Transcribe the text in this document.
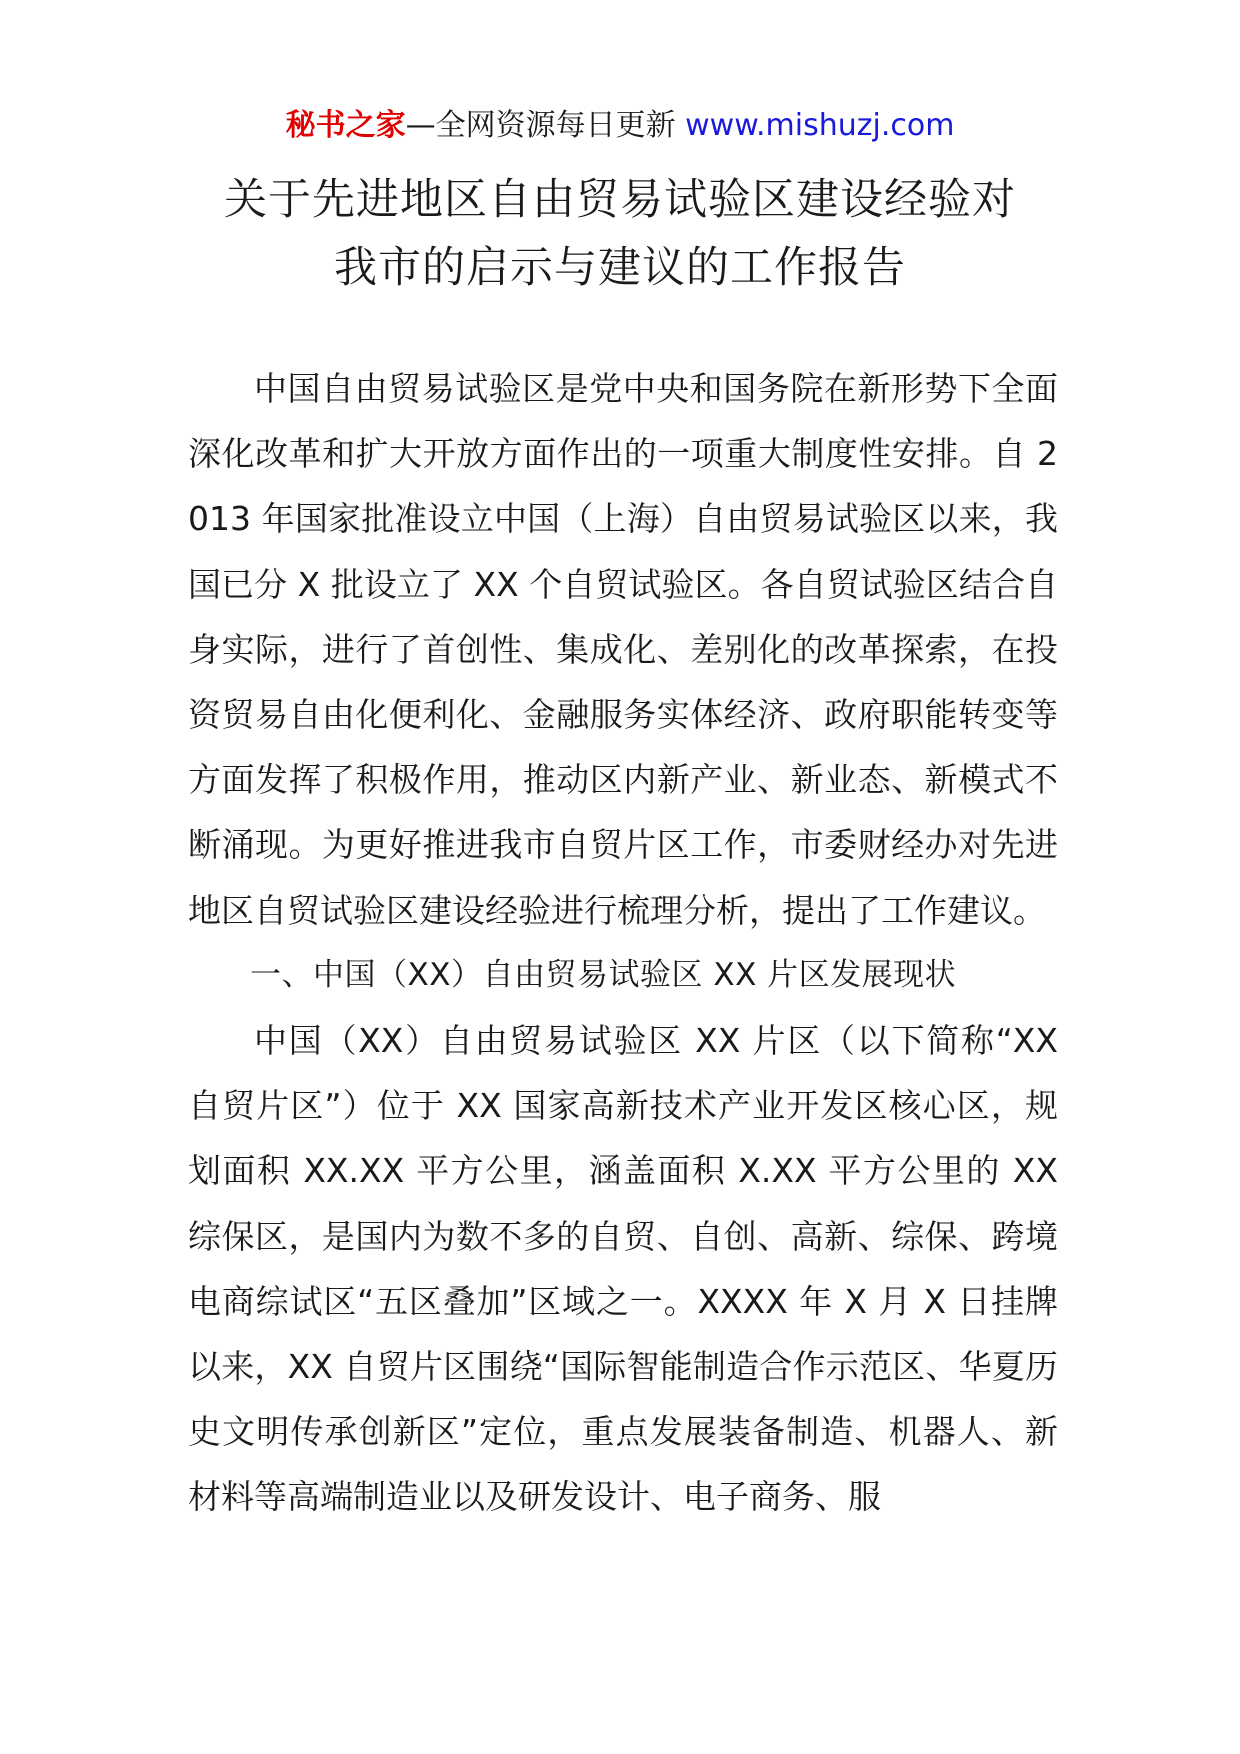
秘书之家—全网资源每日更新 www.mishuzj.com
关于先进地区自由贸易试验区建设经验对
我市的启示与建议的工作报告

中国自由贸易试验区是党中央和国务院在新形势下全面深化改革和扩大开放方面作出的一项重大制度性安排。自 2013 年国家批准设立中国（上海）自由贸易试验区以来，我国已分 X 批设立了 XX 个自贸试验区。各自贸试验区结合自身实际，进行了首创性、集成化、差别化的改革探索，在投资贸易自由化便利化、金融服务实体经济、政府职能转变等方面发挥了积极作用，推动区内新产业、新业态、新模式不断涌现。为更好推进我市自贸片区工作，市委财经办对先进地区自贸试验区建设经验进行梳理分析，提出了工作建议。

一、中国（XX）自由贸易试验区 XX 片区发展现状

中国（XX）自由贸易试验区 XX 片区（以下简称“XX 自贸片区”）位于 XX 国家高新技术产业开发区核心区，规划面积 XX.XX 平方公里，涵盖面积 X.XX 平方公里的 XX 综保区，是国内为数不多的自贸、自创、高新、综保、跨境电商综试区“五区叠加”区域之一。XXXX 年 X 月 X 日挂牌以来，XX 自贸片区围绕“国际智能制造合作示范区、华夏历史文明传承创新区”定位，重点发展装备制造、机器人、新材料等高端制造业以及研发设计、电子商务、服
